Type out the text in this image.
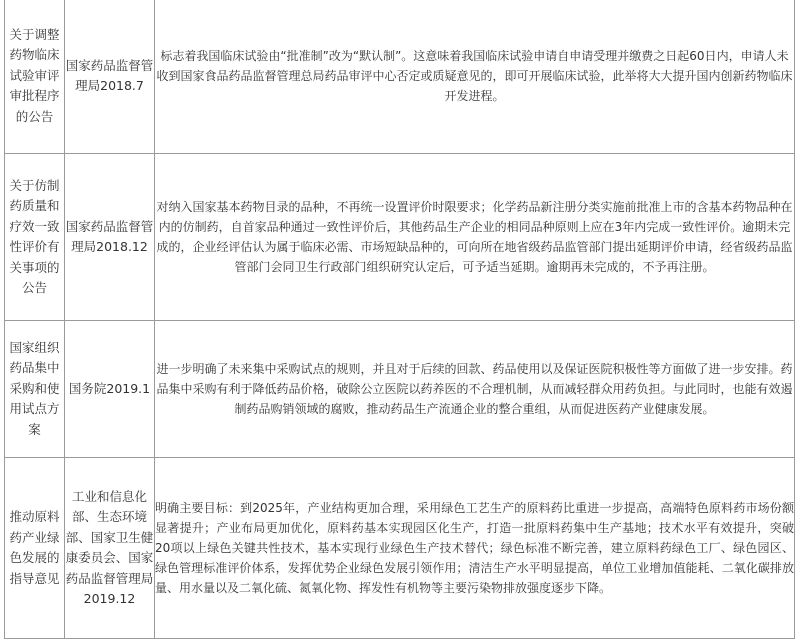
关于调整药物临床试验审评审批程序的公告	国家药品监督管理局2018.7	标志着我国临床试验由“批准制”改为“默认制”。这意味着我国临床试验申请自申请受理并缴费之日起60日内，申请人未收到国家食品药品监督管理总局药品审评中心否定或质疑意见的，即可开展临床试验，此举将大大提升国内创新药物临床开发进程。
关于仿制药质量和疗效一致性评价有关事项的公告	国家药品监督管理局2018.12	对纳入国家基本药物目录的品种，不再统一设置评价时限要求；化学药品新注册分类实施前批准上市的含基本药物品种在内的仿制药，自首家品种通过一致性评价后，其他药品生产企业的相同品种原则上应在3年内完成一致性评价。逾期未完成的，企业经评估认为属于临床必需、市场短缺品种的，可向所在地省级药品监管部门提出延期评价申请，经省级药品监管部门会同卫生行政部门组织研究认定后，可予适当延期。逾期再未完成的，不予再注册。
国家组织药品集中采购和使用试点方案	国务院2019.1	进一步明确了未来集中采购试点的规则，并且对于后续的回款、药品使用以及保证医院积极性等方面做了进一步安排。药品集中采购有利于降低药品价格，破除公立医院以药养医的不合理机制，从而减轻群众用药负担。与此同时，也能有效遏制药品购销领域的腐败，推动药品生产流通企业的整合重组，从而促进医药产业健康发展。
推动原料药产业绿色发展的指导意见	工业和信息化部、生态环境部、国家卫生健康委员会、国家药品监督管理局2019.12	明确主要目标：到2025年，产业结构更加合理，采用绿色工艺生产的原料药比重进一步提高，高端特色原料药市场份额显著提升；产业布局更加优化，原料药基本实现园区化生产，打造一批原料药集中生产基地；技术水平有效提升，突破20项以上绿色关键共性技术，基本实现行业绿色生产技术替代；绿色标准不断完善，建立原料药绿色工厂、绿色园区、绿色管理标准评价体系，发挥优势企业绿色发展引领作用；清洁生产水平明显提高，单位工业增加值能耗、二氧化碳排放量、用水量以及二氧化硫、氮氧化物、挥发性有机物等主要污染物排放强度逐步下降。
